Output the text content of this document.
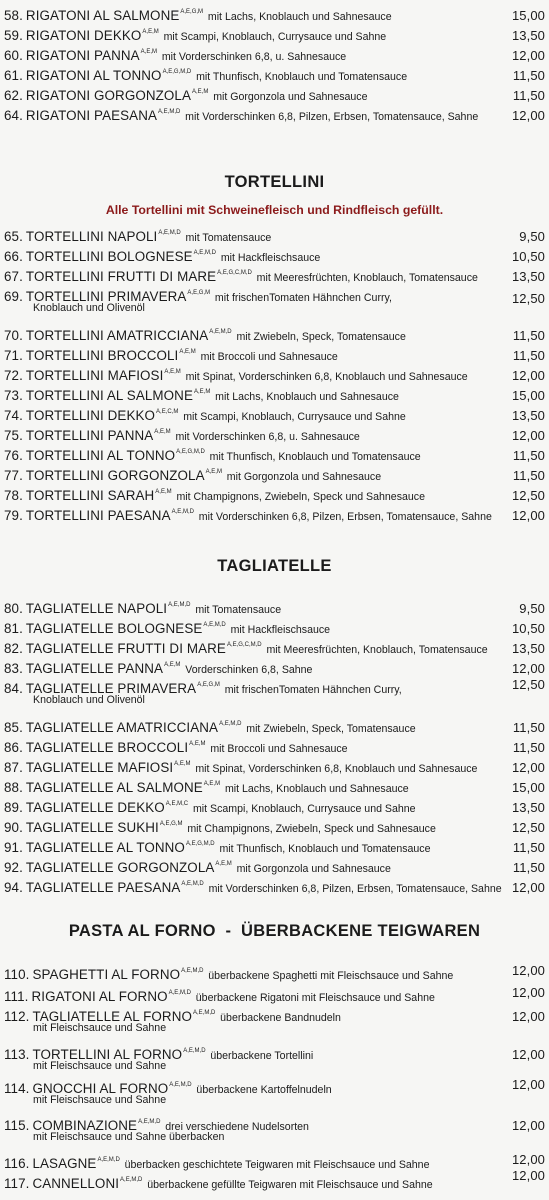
58. RIGATONI AL $SALMONE^{A,E,G,M}$ mit Lachs, Knoblauch und Sahnesauce	15,00
59. RIGATONI $DEKKO^{A,E,M}$ mit Scampi, Knoblauch, Currysauce und Sahne	13,50
60. RIGATONI $PANNA^{A,E,M}$ mit Vorderschinken 6,8, u. Sahnesauce	12,00
61. RIGATONI AL $TONNO^{A,E,G,M,D}$ mit Thunfisch, Knoblauch und Tomatensauce	11,50
62. RIGATONI $GORGONZOLA^{A,E,M}$ mit Gorgonzola und Sahnesauce	11,50
64. RIGATONI $PAESANA^{A,E,M,D}$ mit Vorderschinken 6,8, Pilzen, Erbsen, Tomatensauce, Sahne	12,00
TORTELLINI
Alle Tortellini mit Schweinefleisch und Rindfleisch gefüllt.
65. TORTELLINI $NAPOLI^{A,E,M,D}$ mit Tomatensauce	9,50
66. TORTELLINI $BOLOGNESE^{A,E,M,D}$ mit Hackfleischsauce	10,50
67. TORTELLINI FRUTTI DI $MARE^{A,E,G,C,M,D}$ mit Meeresfrüchten, Knoblauch, Tomatensauce	13,50
69. TORTELLINI $PRIMAVERA^{A,E,G,M}$ mit frischenTomaten Hähnchen Curry,
Knoblauch und Olivenöl
12,50
70. TORTELLINI $AMATRICCIANA^{A,E,M,D}$ mit Zwiebeln, Speck, Tomatensauce	11,50
71. TORTELLINI $BROCCOLI^{A,E,M}$ mit Broccoli und Sahnesauce	11,50
72. TORTELLINI $MAFIOSI^{A,E,M}$ mit Spinat, Vorderschinken 6,8, Knoblauch und Sahnesauce	12,00
73. TORTELLINI AL $SALMONE^{A,E,M}$ mit Lachs, Knoblauch und Sahnesauce	15,00
74. TORTELLINI $DEKKO^{A,E,C,M}$ mit Scampi, Knoblauch, Currysauce und Sahne	13,50
75. TORTELLINI $PANNA^{A,E,M}$ mit Vorderschinken 6,8, u. Sahnesauce	12,00
76. TORTELLINI AL $TONNO^{A,E,G,M,D}$ mit Thunfisch, Knoblauch und Tomatensauce	11,50
77. TORTELLINI $GORGONZOLA^{A,E,M}$ mit Gorgonzola und Sahnesauce	11,50
78. TORTELLINI $SARAH^{A,E,M}$ mit Champignons, Zwiebeln, Speck und Sahnesauce	12,50
79. TORTELLINI $PAESANA^{A,E,M,D}$ mit Vorderschinken 6,8, Pilzen, Erbsen, Tomatensauce, Sahne 12,00
TAGLIATELLE
80. TAGLIATELLE $NAPOLI^{A,E,M,D}$ mit Tomatensauce	9,50
81. TAGLIATELLE $BOLOGNESE^{A,E,M,D}$ mit Hackfleischsauce	10,50
82. TAGLIATELLE FRUTTI DI $MARE^{A,E,G,C,M,D}$ mit Meeresfrüchten, Knoblauch, Tomatensauce 13,50
83. TAGLIATELLE $PANNA^{A,E,M}$ Vorderschinken 6,8, Sahne	12,00
84. TAGLIATELLE $PRIMAVERA^{A,E,G,M}$ mit frischenTomaten Hähnchen Curry,
Knoblauch und Olivenöl
12,50
85. TAGLIATELLE $AMATRICCIANA^{A,E,M,D}$ mit Zwiebeln, Speck, Tomatensauce	11,50
86. TAGLIATELLE $BROCCOLI^{A,E,M}$ mit Broccoli und Sahnesauce	11,50
87. TAGLIATELLE $MAFIOSI^{A,E,M}$ mit Spinat, Vorderschinken 6,8, Knoblauch und Sahnesauce	12,00
88. TAGLIATELLE AL $SALMONE^{A,E,M}$ mit Lachs, Knoblauch und Sahnesauce	15,00
89. TAGLIATELLE $DEKKO^{A,E,M,C}$ mit Scampi, Knoblauch, Currysauce und Sahne	13,50
90. TAGLIATELLE $SUKHI^{A,E,G,M}$ mit Champignons, Zwiebeln, Speck und Sahnesauce	12,50
91. TAGLIATELLE AL $TONNO^{A,E,G,M,D}$ mit Thunfisch, Knoblauch und Tomatensauce	11,50
92. TAGLIATELLE $GORGONZOLA^{A,E,M}$ mit Gorgonzola und Sahnesauce	11,50
94. TAGLIATELLE $PAESANA^{A,E,M,D}$ mit Vorderschinken 6,8, Pilzen, Erbsen, Tomatensauce, Sahne 12,00
PASTA AL FORNO  -  ÜBERBACKENE TEIGWAREN
110. SPAGHETTI AL $FORNO^{A,E,M,D}$ überbackene Spaghetti mit Fleischsauce und Sahne	12,00
111. RIGATONI AL $FORNO^{A,E,M,D}$ überbackene Rigatoni mit Fleischsauce und Sahne	12,00
112. TAGLIATELLE AL $FORNO^{A,E,M,D}$ überbackene Bandnudeln
mit Fleischsauce und Sahne
12,00
113. TORTELLINI AL $FORNO^{A,E,M,D}$ überbackene Tortellini
mit Fleischsauce und Sahne
12,00
114. GNOCCHI AL $FORNO^{A,E,M,D}$ überbackene Kartoffelnudeln
mit Fleischsauce und Sahne
12,00
115. $COMBINAZIONE^{A,E,M,D}$ drei verschiedene Nudelsorten
mit Fleischsauce und Sahne überbacken
12,00
116. $LASAGNE^{A,E,M,D}$ überbacken geschichtete Teigwaren mit Fleischsauce und Sahne	12,00
117. $CANNELLONI^{A,E,M,D}$ überbackene gefüllte Teigwaren mit Fleischsauce und Sahne
12,00
